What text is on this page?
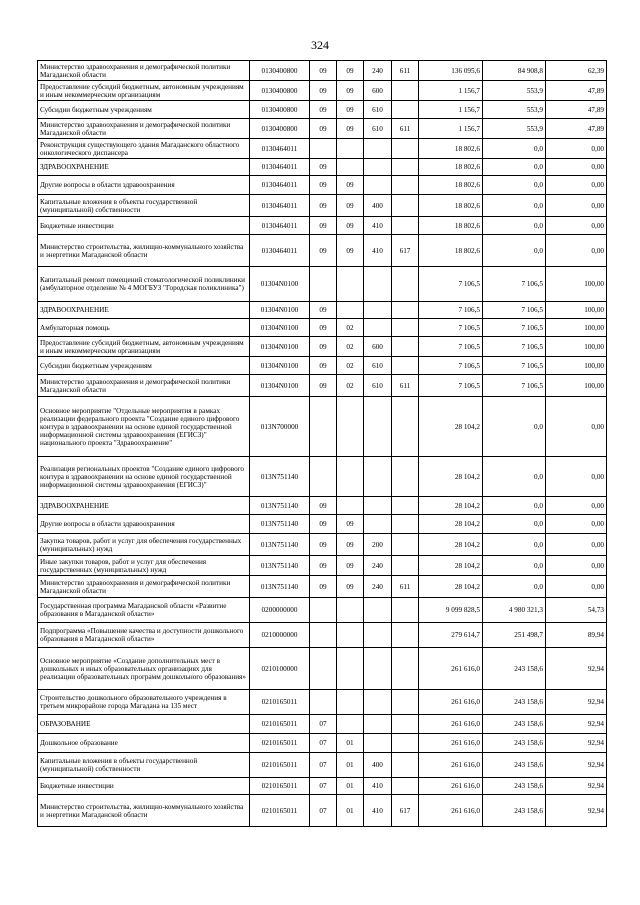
324
Министерство здравоохранения и демографической политики Магаданской области	0130400800	09	09	240	611	136 095,6	84 908,8	62,39
Предоставление субсидий бюджетным, автономным учреждениям и иным некоммерческим организациям	0130400800	09	09	600		1 156,7	553,9	47,89
Субсидии бюджетным учреждениям	0130400800	09	09	610		1 156,7	553,9	47,89
Министерство здравоохранения и демографической политики Магаданской области	0130400800	09	09	610	611	1 156,7	553,9	47,89
Реконструкция существующего здания Магаданского областного онкологического диспансера	0130464011					18 802,6	0,0	0,00
ЗДРАВООХРАНЕНИЕ	0130464011	09				18 802,6	0,0	0,00
Другие вопросы в области здравоохранения	0130464011	09	09			18 802,6	0,0	0,00
Капитальные вложения в объекты государственной (муниципальной) собственности	0130464011	09	09	400		18 802,6	0,0	0,00
Бюджетные инвестиции	0130464011	09	09	410		18 802,6	0,0	0,00
Министерство строительства, жилищно-коммунального хозяйства и энергетики Магаданской области	0130464011	09	09	410	617	18 802,6	0,0	0,00
Капитальный ремонт помещений стоматологической поликлиники (амбулаторное отделение № 4 МОГБУЗ "Городская поликлиника")	01304N0100					7 106,5	7 106,5	100,00
ЗДРАВООХРАНЕНИЕ	01304N0100	09				7 106,5	7 106,5	100,00
Амбулаторная помощь	01304N0100	09	02			7 106,5	7 106,5	100,00
Предоставление субсидий бюджетным, автономным учреждениям и иным некоммерческим организациям	01304N0100	09	02	600		7 106,5	7 106,5	100,00
Субсидии бюджетным учреждениям	01304N0100	09	02	610		7 106,5	7 106,5	100,00
Министерство здравоохранения и демографической политики Магаданской области	01304N0100	09	02	610	611	7 106,5	7 106,5	100,00
Основное мероприятие "Отдельные мероприятия в рамках реализации федерального проекта "Создание единого цифрового контура в здравоохранении на основе единой государственной информационной системы здравоохранения (ЕГИСЗ)" национального проекта "Здравоохранение"	013N700000					28 104,2	0,0	0,00
Реализация региональных проектов "Создание единого цифрового контура в здравоохранении на основе единой государственной информационной системы здравоохранения (ЕГИСЗ)"	013N751140					28 104,2	0,0	0,00
ЗДРАВООХРАНЕНИЕ	013N751140	09				28 104,2	0,0	0,00
Другие вопросы в области здравоохранения	013N751140	09	09			28 104,2	0,0	0,00
Закупка товаров, работ и услуг для обеспечения государственных (муниципальных) нужд	013N751140	09	09	200		28 104,2	0,0	0,00
Иные закупки товаров, работ и услуг для обеспечения государственных (муниципальных) нужд	013N751140	09	09	240		28 104,2	0,0	0,00
Министерство здравоохранения и демографической политики Магаданской области	013N751140	09	09	240	611	28 104,2	0,0	0,00
Государственная программа Магаданской области «Развитие образования в Магаданской области»	0200000000					9 099 828,5	4 980 321,3	54,73
Подпрограмма «Повышение качества и доступности дошкольного образования в Магаданской области»	0210000000					279 614,7	251 498,7	89,94
Основное мероприятие «Создание дополнительных мест в дошкольных и иных образовательных организациях для реализации образовательных программ дошкольного образования»	0210100000					261 616,0	243 158,6	92,94
Строительство дошкольного образовательного учреждения в третьем микрорайоне города Магадана на 135 мест	0210165011					261 616,0	243 158,6	92,94
ОБРАЗОВАНИЕ	0210165011	07				261 616,0	243 158,6	92,94
Дошкольное образование	0210165011	07	01			261 616,0	243 158,6	92,94
Капитальные вложения в объекты государственной (муниципальной) собственности	0210165011	07	01	400		261 616,0	243 158,6	92,94
Бюджетные инвестиции	0210165011	07	01	410		261 616,0	243 158,6	92,94
Министерство строительства, жилищно-коммунального хозяйства и энергетики Магаданской области	0210165011	07	01	410	617	261 616,0	243 158,6	92,94
